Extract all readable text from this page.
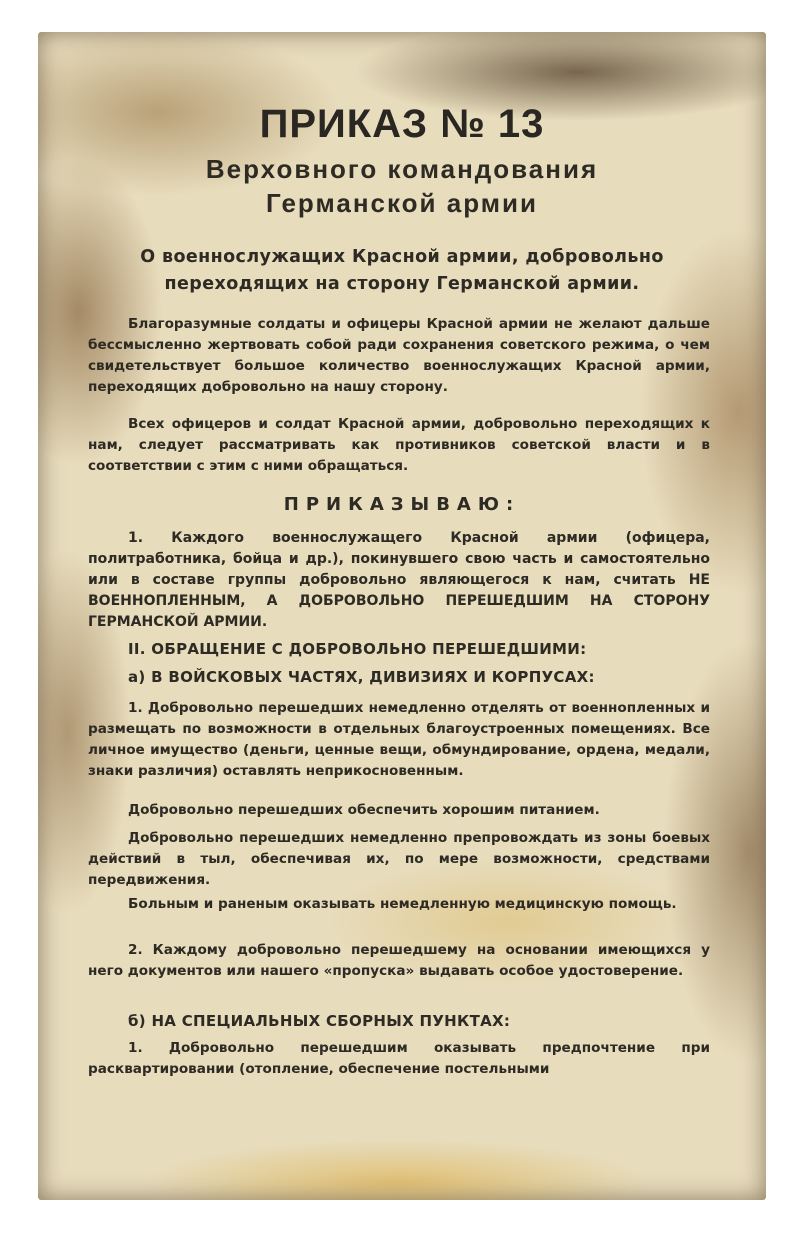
ПРИКАЗ № 13
Верховного командования
Германской армии
О военнослужащих Красной армии, добровольно переходящих на сторону Германской армии.
Благоразумные солдаты и офицеры Красной армии не желают дальше бессмысленно жертвовать собой ради сохранения советского режима, о чем свидетельствует большое количество военнослужащих Красной армии, переходящих добровольно на нашу сторону.
Всех офицеров и солдат Красной армии, добровольно переходящих к нам, следует рассматривать как противников советской власти и в соответствии с этим с ними обращаться.
ПРИКАЗЫВАЮ:
1. Каждого военнослужащего Красной армии (офицера, политработника, бойца и др.), покинувшего свою часть и самостоятельно или в составе группы добровольно являющегося к нам, считать НЕ ВОЕННОПЛЕННЫМ, А ДОБРОВОЛЬНО ПЕРЕШЕДШИМ НА СТОРОНУ ГЕРМАНСКОЙ АРМИИ.
II. ОБРАЩЕНИЕ С ДОБРОВОЛЬНО ПЕРЕШЕДШИМИ:
а) В ВОЙСКОВЫХ ЧАСТЯХ, ДИВИЗИЯХ И КОРПУСАХ:
1. Добровольно перешедших немедленно отделять от военнопленных и размещать по возможности в отдельных благоустроенных помещениях. Все личное имущество (деньги, ценные вещи, обмундирование, ордена, медали, знаки различия) оставлять неприкосновенным.
Добровольно перешедших обеспечить хорошим питанием.
Добровольно перешедших немедленно препровождать из зоны боевых действий в тыл, обеспечивая их, по мере возможности, средствами передвижения.
Больным и раненым оказывать немедленную медицинскую помощь.
2. Каждому добровольно перешедшему на основании имеющихся у него документов или нашего «пропуска» выдавать особое удостоверение.
б) НА СПЕЦИАЛЬНЫХ СБОРНЫХ ПУНКТАХ:
1. Добровольно перешедшим оказывать предпочтение при расквартировании (отопление, обеспечение постельными
